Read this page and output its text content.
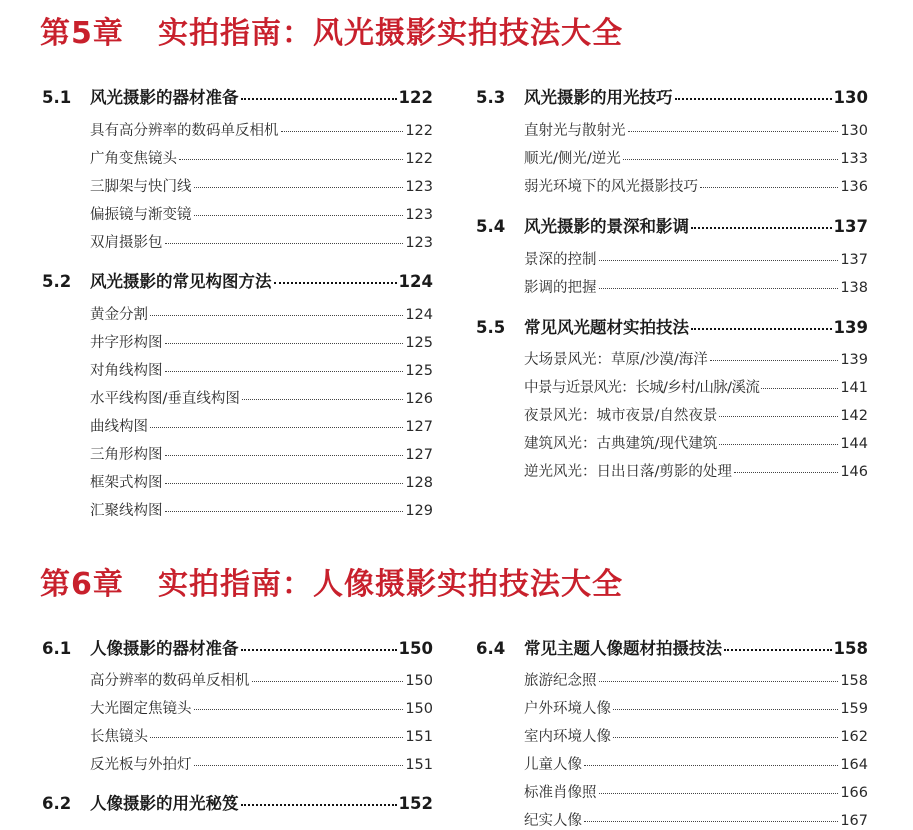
第5章 实拍指南：风光摄影实拍技法大全
5.1	风光摄影的器材准备	122
具有高分辨率的数码单反相机	122
广角变焦镜头	122
三脚架与快门线	123
偏振镜与渐变镜	123
双肩摄影包	123
5.2	风光摄影的常见构图方法	124
黄金分割	124
井字形构图	125
对角线构图	125
水平线构图/垂直线构图	126
曲线构图	127
三角形构图	127
框架式构图	128
汇聚线构图	129
5.3	风光摄影的用光技巧	130
直射光与散射光	130
顺光/侧光/逆光	133
弱光环境下的风光摄影技巧	136
5.4	风光摄影的景深和影调	137
景深的控制	137
影调的把握	138
5.5	常见风光题材实拍技法	139
大场景风光：草原/沙漠/海洋	139
中景与近景风光：长城/乡村/山脉/溪流	141
夜景风光：城市夜景/自然夜景	142
建筑风光：古典建筑/现代建筑	144
逆光风光：日出日落/剪影的处理	146
第6章 实拍指南：人像摄影实拍技法大全
6.1	人像摄影的器材准备	150
高分辨率的数码单反相机	150
大光圈定焦镜头	150
长焦镜头	151
反光板与外拍灯	151
6.2	人像摄影的用光秘笈	152
6.4	常见主题人像题材拍摄技法	158
旅游纪念照	158
户外环境人像	159
室内环境人像	162
儿童人像	164
标准肖像照	166
纪实人像	167
